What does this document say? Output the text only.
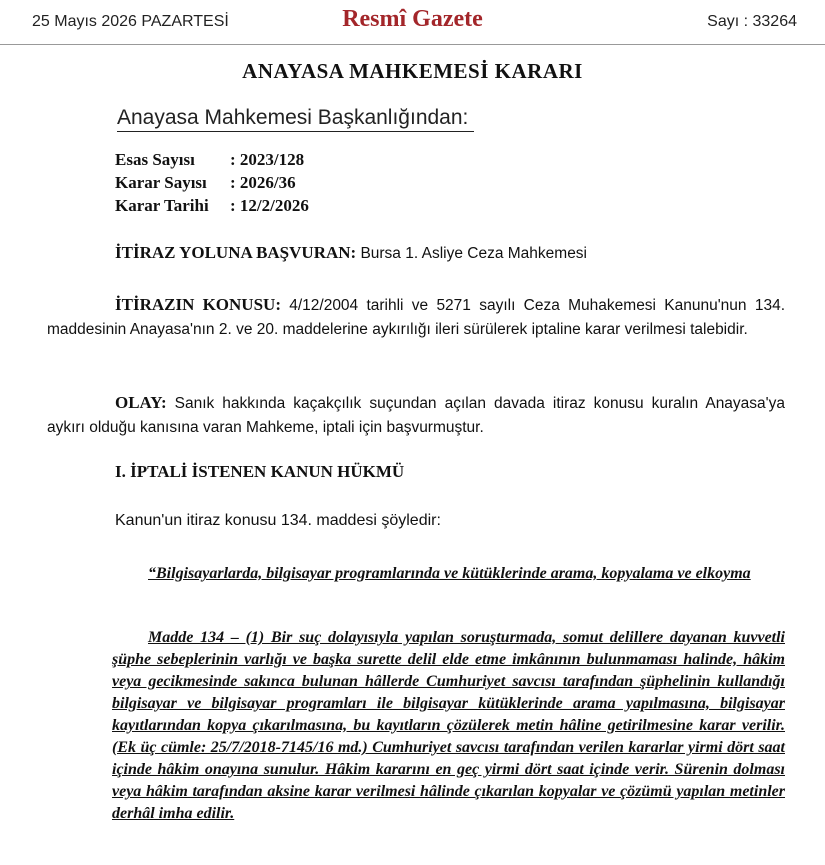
25 Mayıs 2026 PAZARTESİ	Resmî Gazete	Sayı : 33264
ANAYASA MAHKEMESİ KARARI
Anayasa Mahkemesi Başkanlığından:
Esas Sayısı : 2023/128
Karar Sayısı : 2026/36
Karar Tarihi : 12/2/2026
İTİRAZ YOLUNA BAŞVURAN: Bursa 1. Asliye Ceza Mahkemesi
İTİRAZIN KONUSU: 4/12/2004 tarihli ve 5271 sayılı Ceza Muhakemesi Kanunu'nun 134. maddesinin Anayasa'nın 2. ve 20. maddelerine aykırılığı ileri sürülerek iptaline karar verilmesi talebidir.
OLAY: Sanık hakkında kaçakçılık suçundan açılan davada itiraz konusu kuralın Anayasa'ya aykırı olduğu kanısına varan Mahkeme, iptali için başvurmuştur.
I. İPTALİ İSTENEN KANUN HÜKMÜ
Kanun'un itiraz konusu 134. maddesi şöyledir:
“Bilgisayarlarda, bilgisayar programlarında ve kütüklerinde arama, kopyalama ve elkoyma
Madde 134 – (1) Bir suç dolayısıyla yapılan soruşturmada, somut delillere dayanan kuvvetli şüphe sebeplerinin varlığı ve başka surette delil elde etme imkânının bulunmaması halinde, hâkim veya gecikmesinde sakınca bulunan hâllerde Cumhuriyet savcısı tarafından şüphelinin kullandığı bilgisayar ve bilgisayar programları ile bilgisayar kütüklerinde arama yapılmasına, bilgisayar kayıtlarından kopya çıkarılmasına, bu kayıtların çözülerek metin hâline getirilmesine karar verilir. (Ek üç cümle: 25/7/2018-7145/16 md.) Cumhuriyet savcısı tarafından verilen kararlar yirmi dört saat içinde hâkim onayına sunulur. Hâkim kararını en geç yirmi dört saat içinde verir. Sürenin dolması veya hâkim tarafından aksine karar verilmesi hâlinde çıkarılan kopyalar ve çözümü yapılan metinler derhâl imha edilir.
